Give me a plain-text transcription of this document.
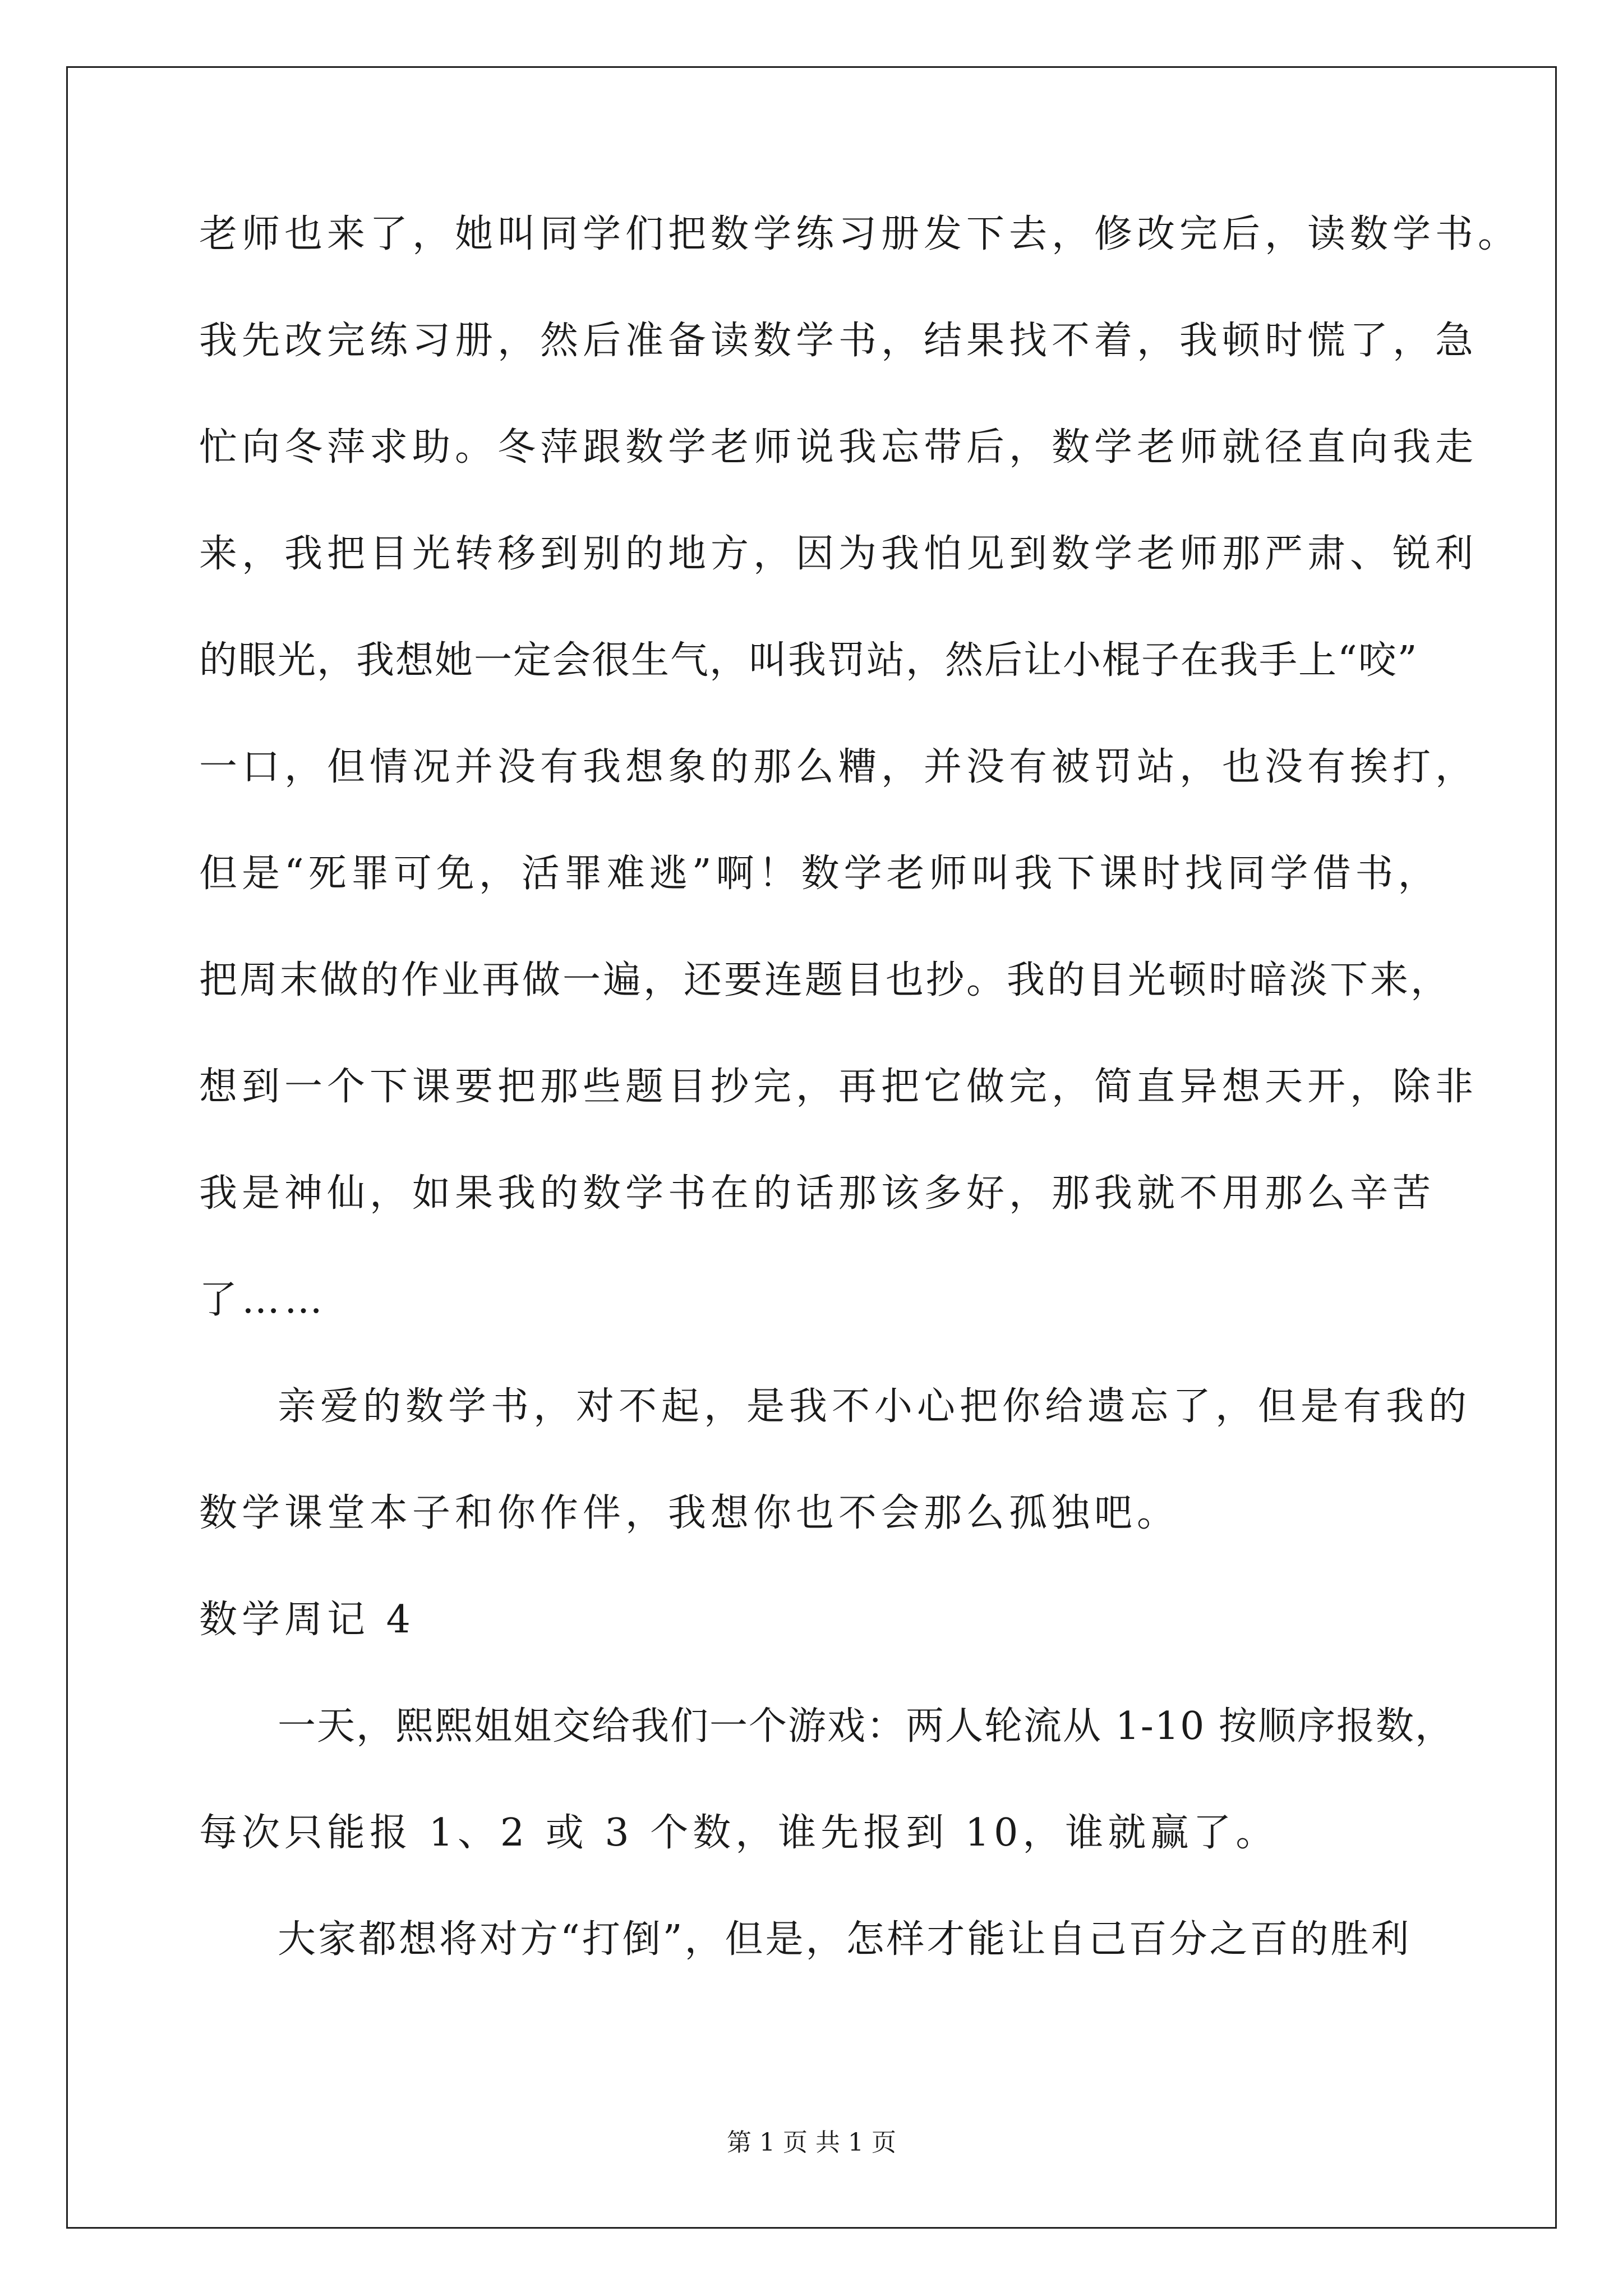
老师也来了，她叫同学们把数学练习册发下去，修改完后，读数学书。
我先改完练习册，然后准备读数学书，结果找不着，我顿时慌了，急
忙向冬萍求助。冬萍跟数学老师说我忘带后，数学老师就径直向我走
来，我把目光转移到别的地方，因为我怕见到数学老师那严肃、锐利
的眼光，我想她一定会很生气，叫我罚站，然后让小棍子在我手上“咬”
一口，但情况并没有我想象的那么糟，并没有被罚站，也没有挨打，
但是“死罪可免，活罪难逃”啊！数学老师叫我下课时找同学借书，
把周末做的作业再做一遍，还要连题目也抄。我的目光顿时暗淡下来，
想到一个下课要把那些题目抄完，再把它做完，简直异想天开，除非
我是神仙，如果我的数学书在的话那该多好，那我就不用那么辛苦
了……
亲爱的数学书，对不起，是我不小心把你给遗忘了，但是有我的
数学课堂本子和你作伴，我想你也不会那么孤独吧。
数学周记 4
一天，熙熙姐姐交给我们一个游戏：两人轮流从 1-10 按顺序报数，
每次只能报 1、2 或 3 个数，谁先报到 10，谁就赢了。
大家都想将对方“打倒”，但是，怎样才能让自己百分之百的胜利
第 1 页 共 1 页
